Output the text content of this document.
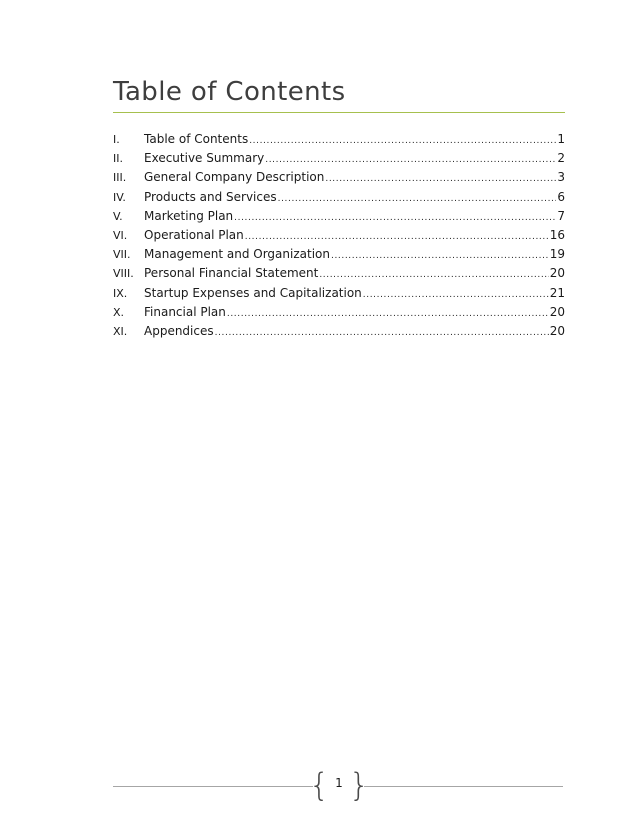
Table of Contents
I.	Table of Contents .....	1
II.	Executive Summary .....	2
III.	General Company Description .....	3
IV.	Products and Services .....	6
V.	Marketing Plan .....	7
VI.	Operational Plan .....	16
VII.	Management and Organization .....	19
VIII. Personal Financial Statement .....	20
IX.	Startup Expenses and Capitalization .....	21
X.	Financial Plan .....	20
XI.	Appendices .....	20
{ 1 }
